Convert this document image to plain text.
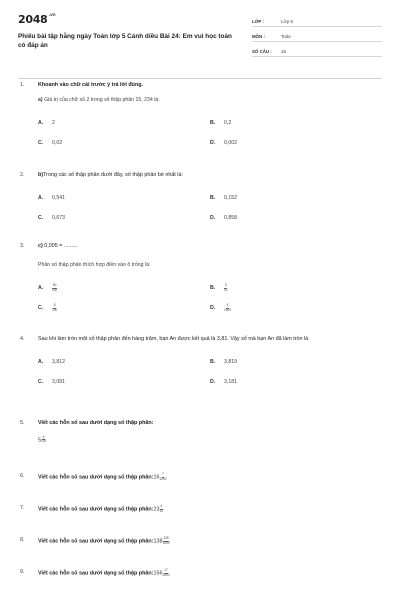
$2048^{.vn}$
Phiếu bài tập hằng ngày Toán lớp 5 Cánh diều Bài 24: Em vui học toán có đáp án
LỚP :	Lớp 5
MÔN :	Toán
SỐ CÂU :	15
1.	Khoanh vào chữ cái trước ý trả lời đúng.
a) Giá trị của chữ số 2 trong số thập phân 15, 234 là:
A.	2	B.	0,2
C.	0,02	D.	0,002
2.	b)Trong các số thập phân dưới đây, số thập phân bé nhất là:
A.	0,541	B.	0,152
C.	0,673	D.	0,858
3.	c) 0,005 = .........
Phân số thập phân thích hợp điền vào ô trống là:
A.	$\frac{50}{100}$	B.	$\frac{5}{10}$
C.	$\frac{5}{100}$	D.	$\frac{5}{1000}$
4.	Sau khi làm tròn một số thập phân đến hàng trăm, bạn An được kết quả là 3,81. Vậy số mà bạn An đã làm tròn là
A.	3,812	B.	3,819
C.	3,081	D.	3,181
5.	Viết các hỗn số sau dưới dạng số thập phân:
$5 \frac{4}{100}$
6.	Viết các hỗn số sau dưới dạng số thập phân:16 $\frac{7}{1000}$
7.	Viết các hỗn số sau dưới dạng số thập phân:23 $\frac{4}{10}$
8.	Viết các hỗn số sau dưới dạng số thập phân:138 $\frac{125}{1000}$
9.	Viết các hỗn số sau dưới dạng số thập phân:156 $\frac{17}{1000}$
